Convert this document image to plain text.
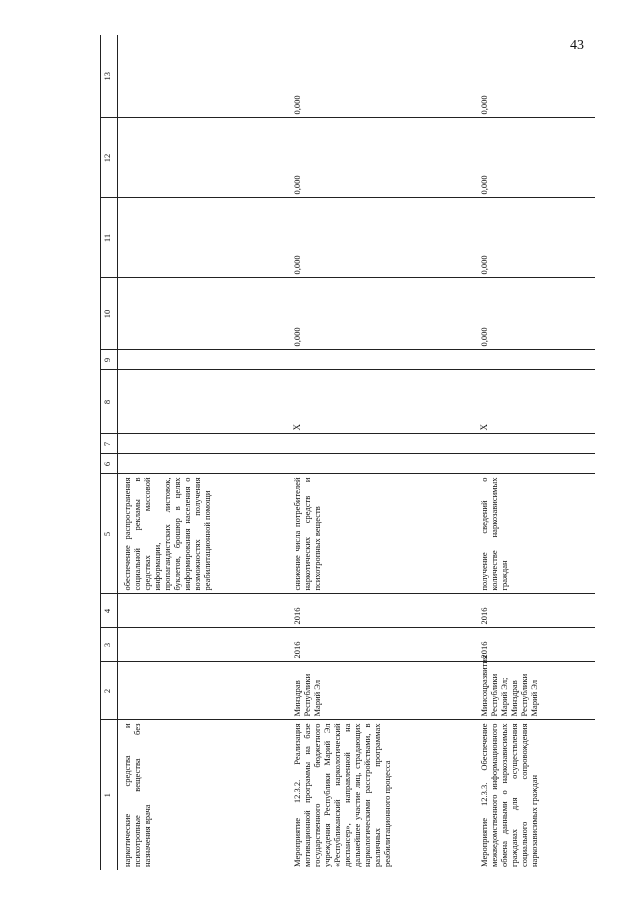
43
1	2	3	4	5	6	7	8	9	10	11	12	13
наркотические средства и психотропные вещества без назначения врача				обеспечение распространения социальной рекламы в средствах массовой информации, пропагандистских листовок, буклетов, брошюр в целях информирования населения о возможностях получения реабилитационной помощи								
Мероприятие 12.3.2. Реализация мотивационной программы на базе государственного бюджетного учреждения Республики Марий Эл «Республиканский наркологический диспансер», направленной на дальнейшее участие лиц, страдающих наркологическими расстройствами, в различных программах реабилитационного процесса	Минздрав Республики Марий Эл	2016	2016	снижение числа потребителей наркотических средств и психотропных веществ			X		0,000	0,000	0,000	0,000
Мероприятие 12.3.3. Обеспечение межведомственного информационного обмена данными о наркозависимых гражданах для осуществления социального сопровождения наркозависимых граждан	Минсоцразвития Республики Марий Эл; Минздрав Республики Марий Эл	2016	2016	получение сведений о количестве наркозависимых граждан			X		0,000	0,000	0,000	0,000
